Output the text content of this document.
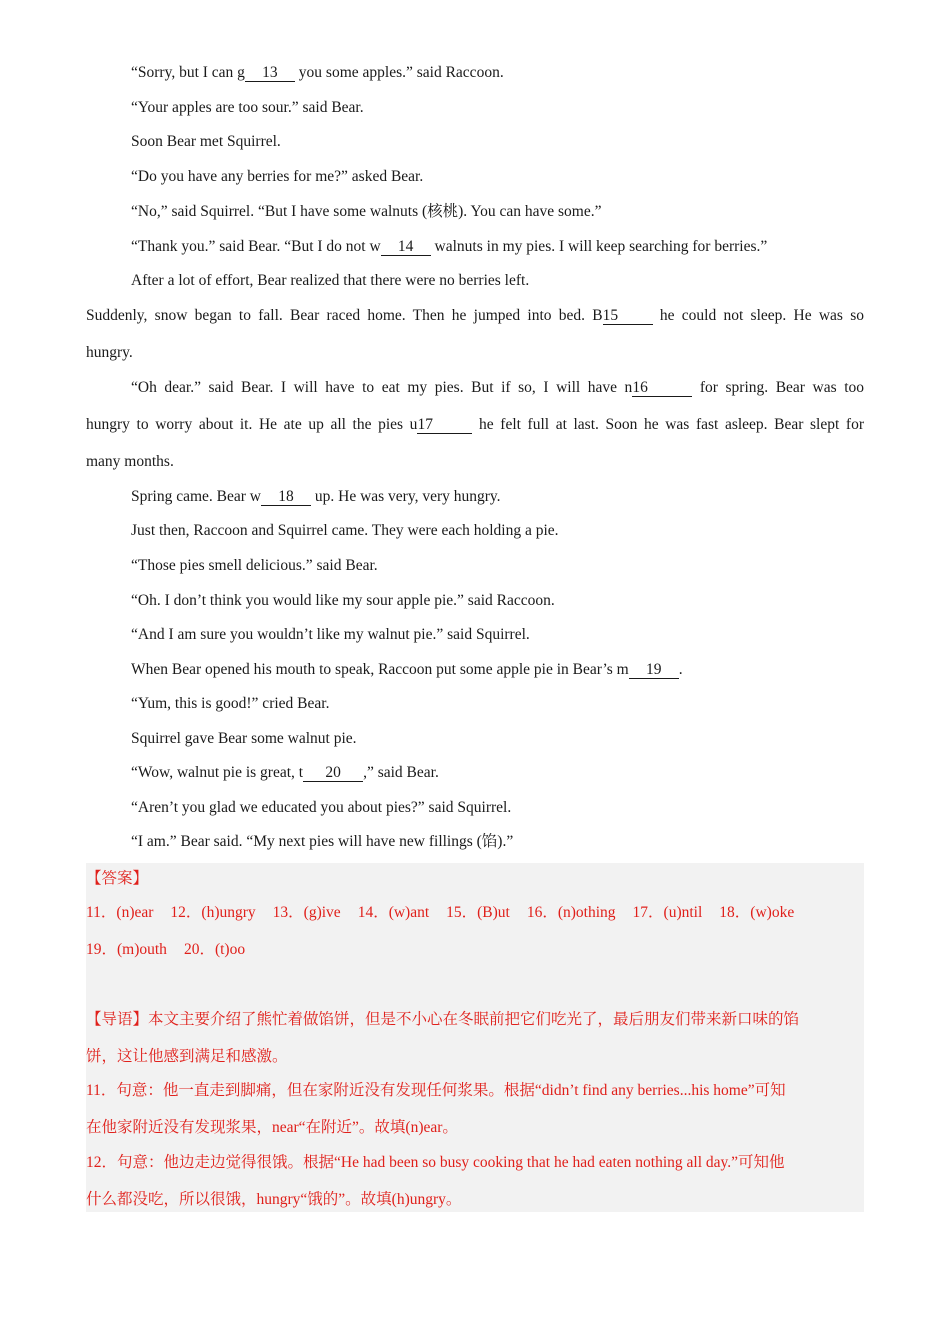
“Sorry, but I can g 13 you some apples.” said Raccoon.
“Your apples are too sour.” said Bear.
Soon Bear met Squirrel.
“Do you have any berries for me?” asked Bear.
“No,” said Squirrel. “But I have some walnuts (核桃). You can have some.”
“Thank you.” said Bear. “But I do not w 14 walnuts in my pies. I will keep searching for berries.”
After a lot of effort, Bear realized that there were no berries left.
Suddenly, snow began to fall. Bear raced home. Then he jumped into bed. B15 he could not sleep. He was so
hungry.
“Oh dear.” said Bear. I will have to eat my pies. But if so, I will have n16	for spring. Bear was too
hungry to worry about it. He ate up all the pies u17	he felt full at last. Soon he was fast asleep. Bear slept for
many months.
Spring came. Bear w 18 up. He was very, very hungry.
Just then, Raccoon and Squirrel came. They were each holding a pie.
“Those pies smell delicious.” said Bear.
“Oh. I don’t think you would like my sour apple pie.” said Raccoon.
“And I am sure you wouldn’t like my walnut pie.” said Squirrel.
When Bear opened his mouth to speak, Raccoon put some apple pie in Bear’s m 19 .
“Yum, this is good!” cried Bear.
Squirrel gave Bear some walnut pie.
“Wow, walnut pie is great, t 20 ,” said Bear.
“Aren’t you glad we educated you about pies?” said Squirrel.
“I am.” Bear said. “My next pies will have new fillings (馅).”
【答案】
11．(n)ear 12．(h)ungry 13．(g)ive 14．(w)ant 15．(B)ut 16．(n)othing 17．(u)ntil 18．(w)oke
19．(m)outh 20．(t)oo
【导语】本文主要介绍了熊忙着做馅饼，但是不小心在冬眠前把它们吃光了，最后朋友们带来新口味的馅
饼，这让他感到满足和感激。
11．句意：他一直走到脚痛，但在家附近没有发现任何浆果。根据“didn’t find any berries...his home”可知
在他家附近没有发现浆果，near“在附近”。故填(n)ear。
12．句意：他边走边觉得很饿。根据“He had been so busy cooking that he had eaten nothing all day.”可知他
什么都没吃，所以很饿，hungry“饿的”。故填(h)ungry。
